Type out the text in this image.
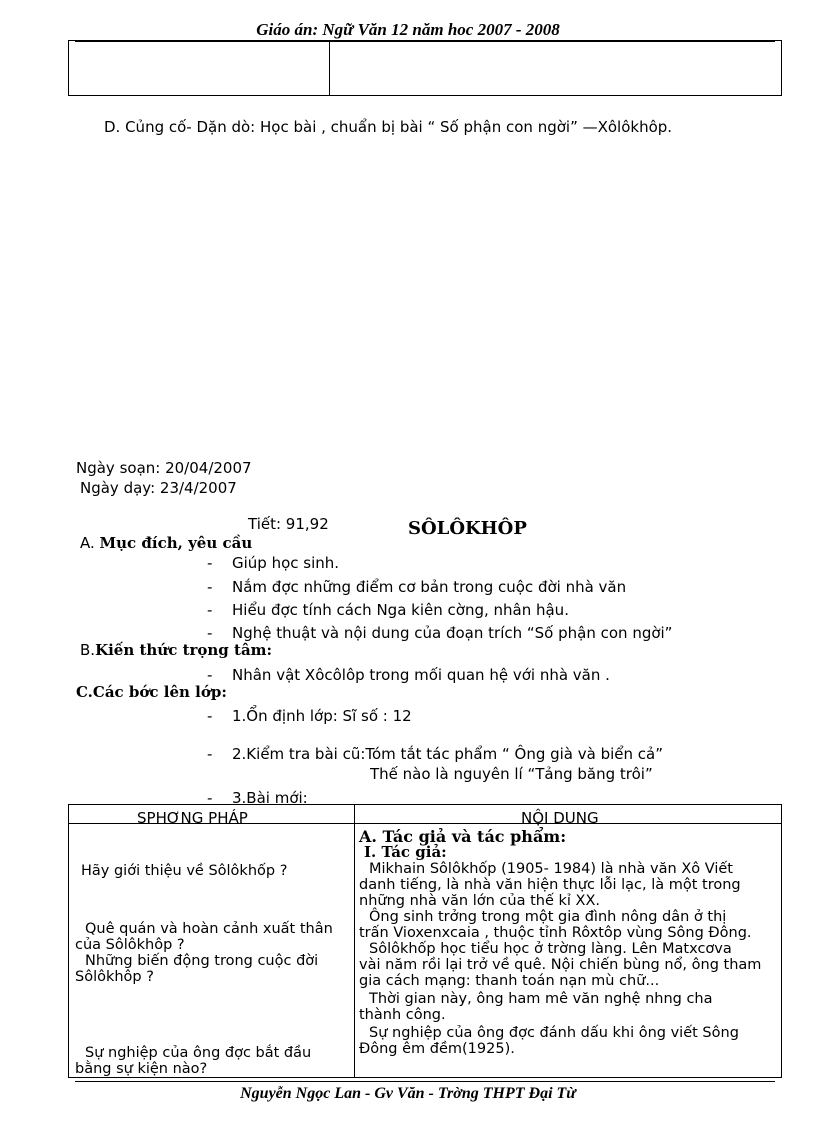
Giáo án: Ngữ Văn 12 năm hoc 2007 - 2008
D. Củng cố- Dặn dò: Học bài , chuẩn bị bài “ Số phận con ngời” —Xôlôkhôp.
Ngày soạn: 20/04/2007
Ngày dạy: 23/4/2007
Tiết: 91,92	SÔLÔKHÔP
A. Mục đích, yêu cầu
- Giúp học sinh.
- Nắm đợc những điểm cơ bản trong cuộc đời nhà văn
- Hiểu đợc tính cách Nga kiên cờng, nhân hậu.
- Nghệ thuật và nội dung của đoạn trích “Số phận con ngời”
B.Kiến thức trọng tâm:
- Nhân vật Xôcôlôp trong mối quan hệ với nhà văn .
C.Các bớc lên lớp:
- 1.Ổn định lớp: Sĩ số : 12
- 2.Kiểm tra bài cũ:Tóm tắt tác phẩm “ Ông già và biển cả”
Thế nào là nguyên lí “Tảng băng trôi”
- 3.Bài mới:
SPHƠNG PHÁP	NỘI DUNG
Hãy giới thiệu về Sôlôkhốp ?
Quê quán và hoàn cảnh xuất thân
của Sôlôkhôp ?
Những biến động trong cuộc đời
Sôlôkhôp ?
Sự nghiệp của ông đợc bắt đầu
bằng sự kiện nào?
A. Tác giả và tác phẩm:
I. Tác giả:
Mikhain Sôlôkhốp (1905- 1984) là nhà văn Xô Viết
danh tiếng, là nhà văn hiện thực lỗi lạc, là một trong
những nhà văn lớn của thế kỉ XX.
Ông sinh trởng trong một gia đình nông dân ở thị
trấn Vioxenxcaia , thuộc tỉnh Rôxtôp vùng Sông Đông.
Sôlôkhốp học tiểu học ở trờng làng. Lên Matxcơva
vài năm rồi lại trở về quê. Nội chiến bùng nổ, ông tham
gia cách mạng: thanh toán nạn mù chữ...
Thời gian này, ông ham mê văn nghệ nhng cha
thành công.
Sự nghiệp của ông đợc đánh dấu khi ông viết Sông
Đông êm đềm(1925).
Nguyễn Ngọc Lan - Gv Văn - Trờng THPT Đại Từ
